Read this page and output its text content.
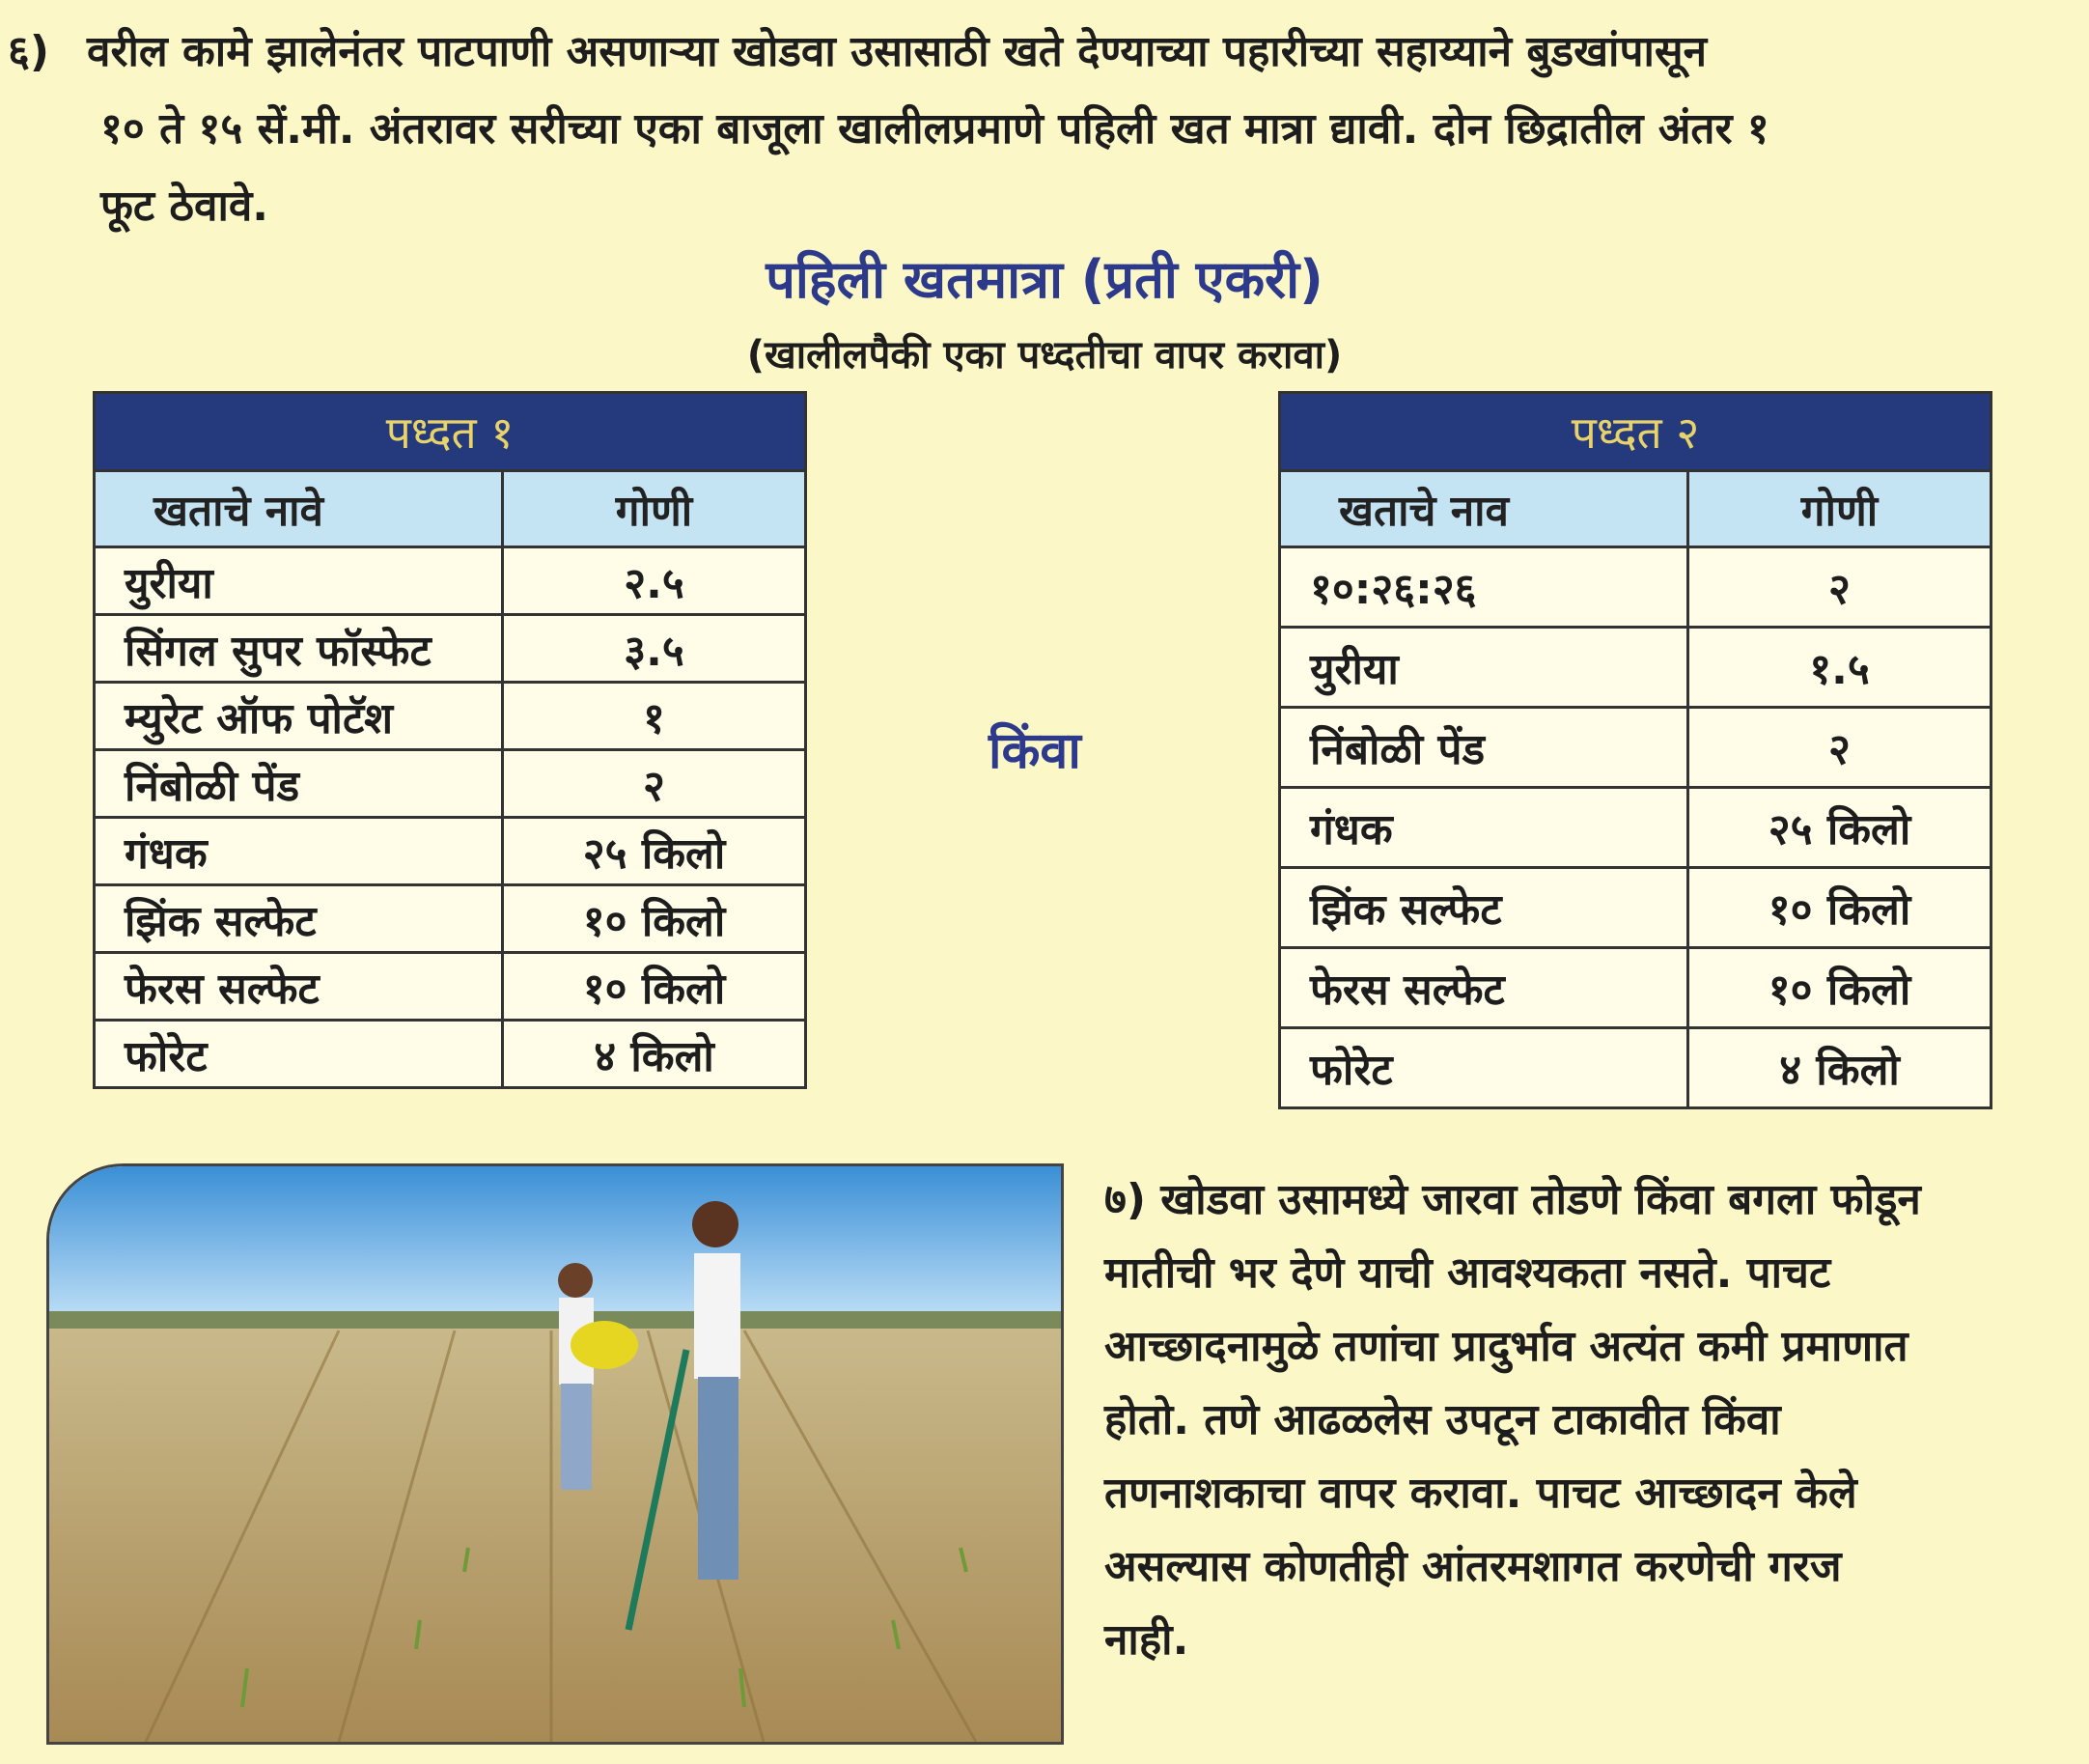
६) वरील कामे झालेनंतर पाटपाणी असणाऱ्या खोडवा उसासाठी खते देण्याच्या पहारीच्या सहाय्याने बुडखांपासून
१० ते १५ सें.मी. अंतरावर सरीच्या एका बाजूला खालीलप्रमाणे पहिली खत मात्रा द्यावी. दोन छिद्रातील अंतर १
फूट ठेवावे.
पहिली खतमात्रा (प्रती एकरी)
(खालीलपैकी एका पध्दतीचा वापर करावा)
पध्दत १	
खताचे नावे	गोणी
युरीया	२.५
सिंगल सुपर फॉस्फेट	३.५
म्युरेट ऑफ पोटॅश	१
निंबोळी पेंड	२
गंधक	२५ किलो
झिंक सल्फेट	१० किलो
फेरस सल्फेट	१० किलो
फोरेट	४ किलो
किंवा
पध्दत २	
खताचे नाव	गोणी
१०:२६:२६	२
युरीया	१.५
निंबोळी पेंड	२
गंधक	२५ किलो
झिंक सल्फेट	१० किलो
फेरस सल्फेट	१० किलो
फोरेट	४ किलो
७) खोडवा उसामध्ये जारवा तोडणे किंवा बगला फोडून
मातीची भर देणे याची आवश्यकता नसते. पाचट
आच्छादनामुळे तणांचा प्रादुर्भाव अत्यंत कमी प्रमाणात
होतो. तणे आढळलेस उपटून टाकावीत किंवा
तणनाशकाचा वापर करावा. पाचट आच्छादन केले
असल्यास कोणतीही आंतरमशागत करणेची गरज
नाही.
